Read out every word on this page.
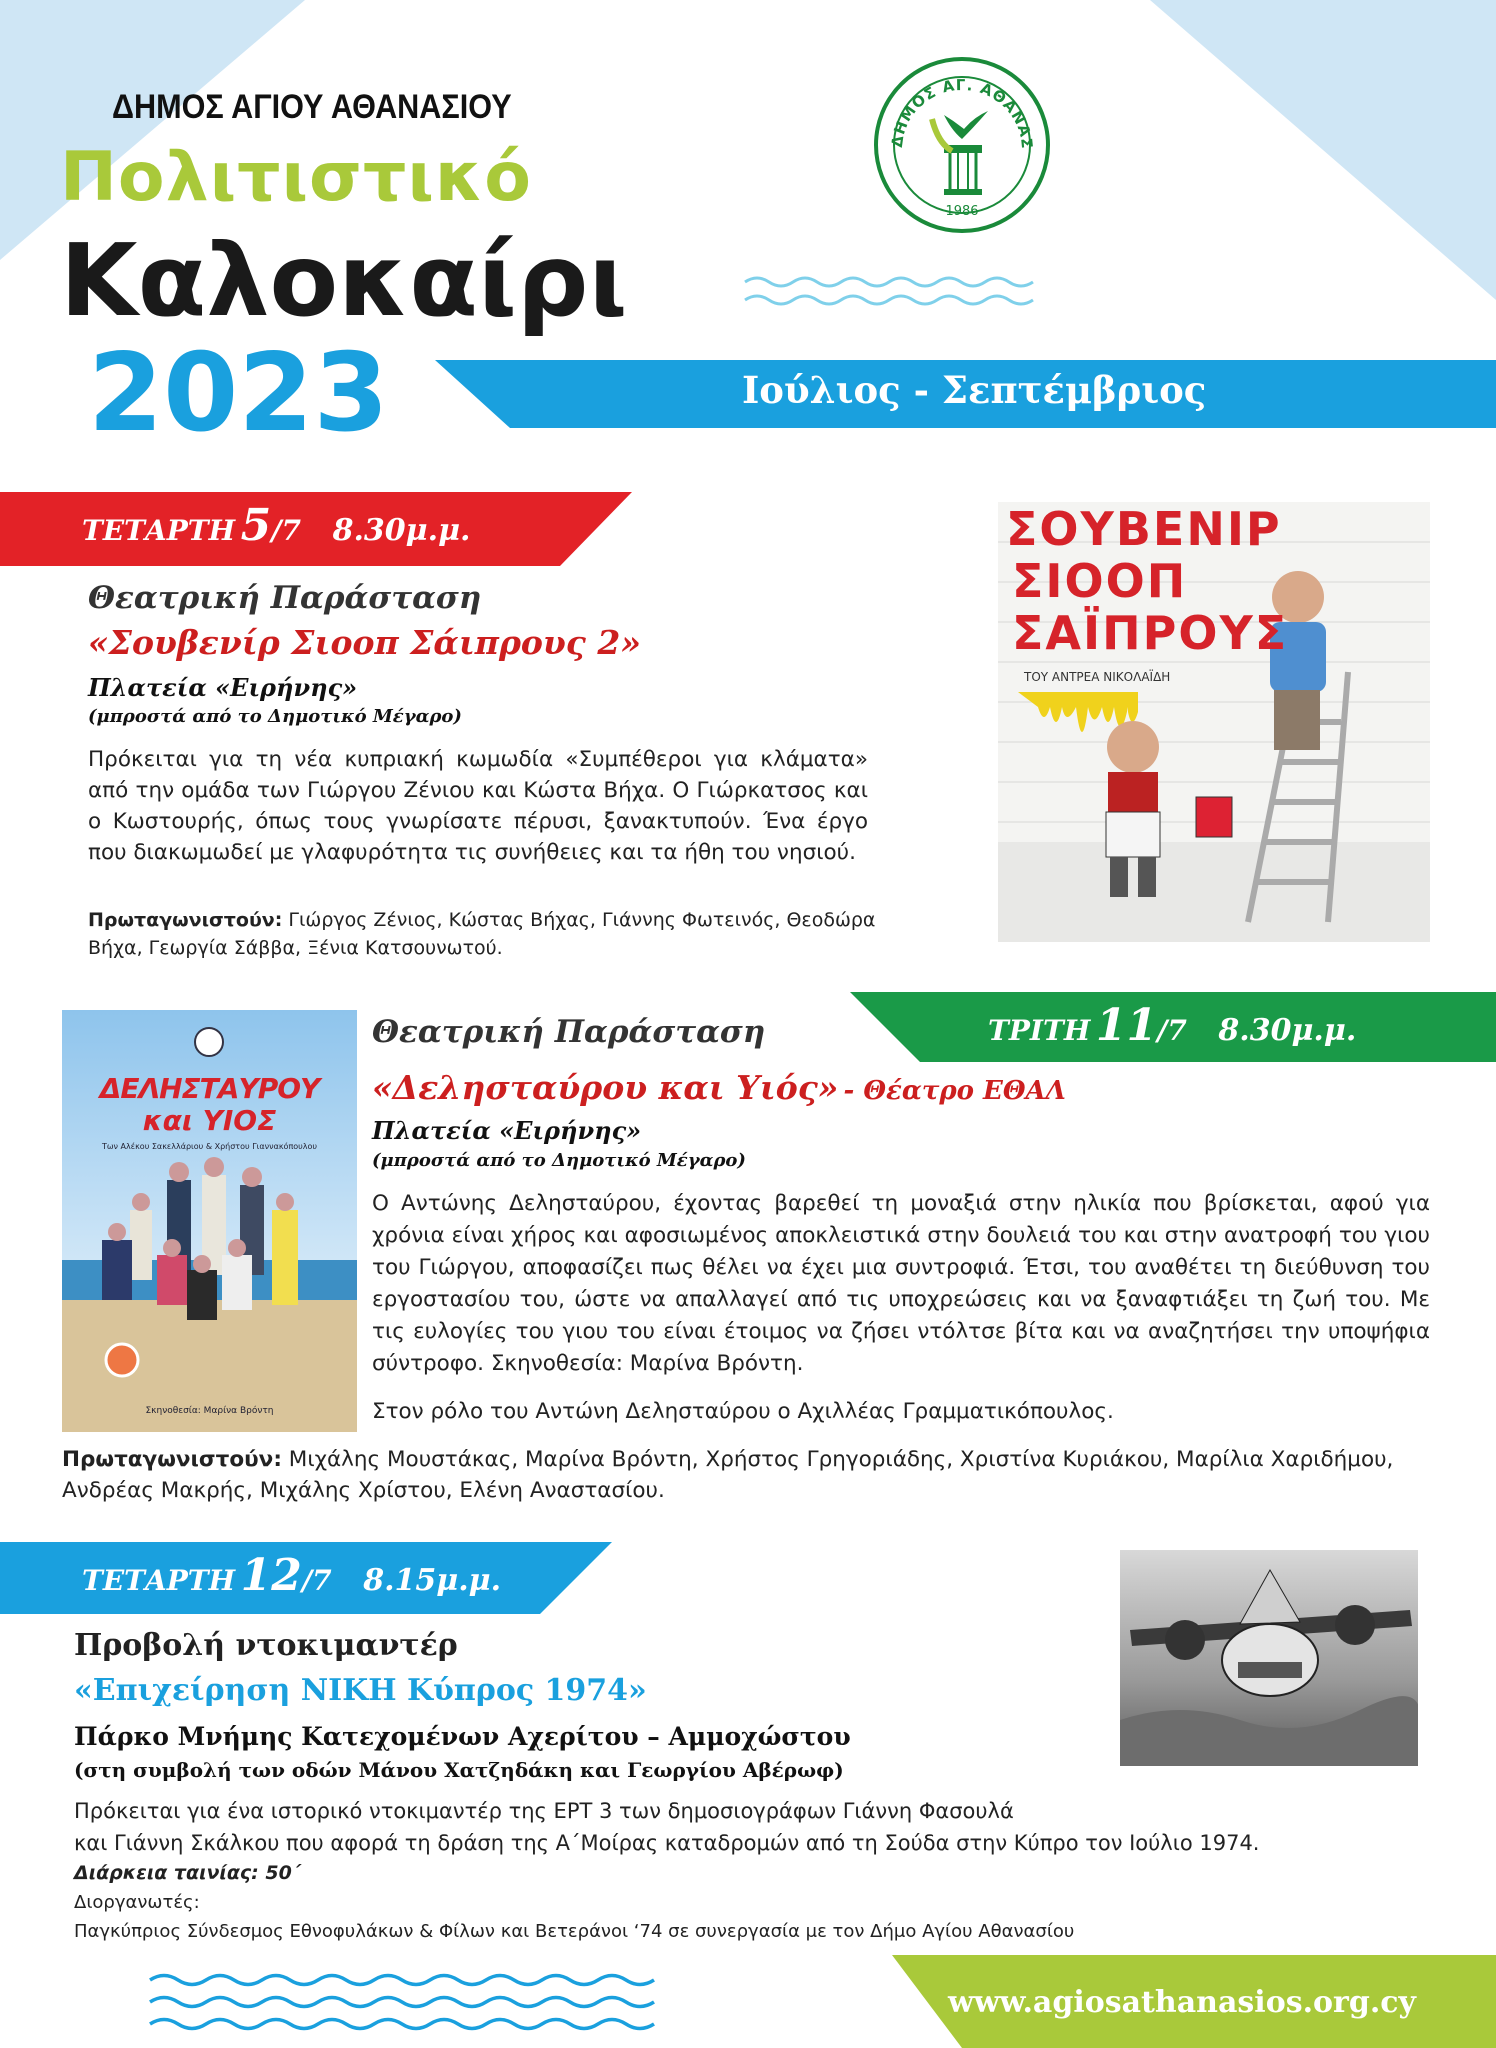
ΔΗΜΟΣ ΑΓΙΟΥ ΑΘΑΝΑΣΙΟΥ
Πολιτιστικό
Καλοκαίρι
2023	Ιούλιος - Σεπτέμβριος
ΔΗΜΟΣ ΑΓ. ΑΘΑΝΑΣ
1986
ΤΕΤΑΡΤΗ 5/7 8.30μ.μ.
Θεατρική Παράσταση
«Σουβενίρ Σιοοπ Σάιπρους 2»
Πλατεία «Ειρήνης»
(μπροστά από το Δημοτικό Μέγαρο)
Πρόκειται για τη νέα κυπριακή κωμωδία «Συμπέθεροι για κλάματα» από την ομάδα των Γιώργου Ζένιου και Κώστα Βήχα. Ο Γιώρκατσος και ο Κωστουρής, όπως τους γνωρίσατε πέρυσι, ξανακτυπούν. Ένα έργο που διακωμωδεί με γλαφυρότητα τις συνήθειες και τα ήθη του νησιού.
Πρωταγωνιστούν: Γιώργος Ζένιος, Κώστας Βήχας, Γιάννης Φωτεινός, Θεοδώρα Βήχα, Γεωργία Σάββα, Ξένια Κατσουνωτού.
ΣΟΥΒΕΝΙΡ
ΣΙΟΟΠ
ΣΑΪΠΡΟΥΣ
ΤΟΥ ΑΝΤΡΕΑ ΝΙΚΟΛΑΪΔΗ
ΤΡΙΤΗ 11/7 8.30μ.μ.
Θεατρική Παράσταση
«Δελησταύρου και Υιός» - Θέατρο ΕΘΑΛ
Πλατεία «Ειρήνης»
(μπροστά από το Δημοτικό Μέγαρο)
Ο Αντώνης Δελησταύρου, έχοντας βαρεθεί τη μοναξιά στην ηλικία που βρίσκεται, αφού για χρόνια είναι χήρος και αφοσιωμένος αποκλειστικά στην δουλειά του και στην ανατροφή του γιου του Γιώργου, αποφασίζει πως θέλει να έχει μια συντροφιά. Έτσι, του αναθέτει τη διεύθυνση του εργοστασίου του, ώστε να απαλλαγεί από τις υποχρεώσεις και να ξαναφτιάξει τη ζωή του. Με τις ευλογίες του γιου του είναι έτοιμος να ζήσει ντόλτσε βίτα και να αναζητήσει την υποψήφια σύντροφο. Σκηνοθεσία: Μαρίνα Βρόντη.
Στον ρόλο του Αντώνη Δελησταύρου ο Αχιλλέας Γραμματικόπουλος.
Πρωταγωνιστούν: Μιχάλης Μουστάκας, Μαρίνα Βρόντη, Χρήστος Γρηγοριάδης, Χριστίνα Κυριάκου, Μαρίλια Χαριδήμου, Ανδρέας Μακρής, Μιχάλης Χρίστου, Ελένη Αναστασίου.
ΔΕΛΗΣΤΑΥΡΟΥ
και ΥΙΟΣ
Των Αλέκου Σακελλάριου & Χρήστου Γιαννακόπουλου
Σκηνοθεσία: Μαρίνα Βρόντη
ΤΕΤΑΡΤΗ 12/7 8.15μ.μ.
Προβολή ντοκιμαντέρ
«Επιχείρηση ΝΙΚΗ Κύπρος 1974»
Πάρκο Μνήμης Κατεχομένων Αχερίτου – Αμμοχώστου
(στη συμβολή των οδών Μάνου Χατζηδάκη και Γεωργίου Αβέρωφ)
Πρόκειται για ένα ιστορικό ντοκιμαντέρ της ΕΡΤ 3 των δημοσιογράφων Γιάννη Φασουλά
και Γιάννη Σκάλκου που αφορά τη δράση της Α΄Μοίρας καταδρομών από τη Σούδα στην Κύπρο τον Ιούλιο 1974.
Διάρκεια ταινίας: 50΄
Διοργανωτές:
Παγκύπριος Σύνδεσμος Εθνοφυλάκων & Φίλων και Βετεράνοι ‘74 σε συνεργασία με τον Δήμο Αγίου Αθανασίου
www.agiosathanasios.org.cy
